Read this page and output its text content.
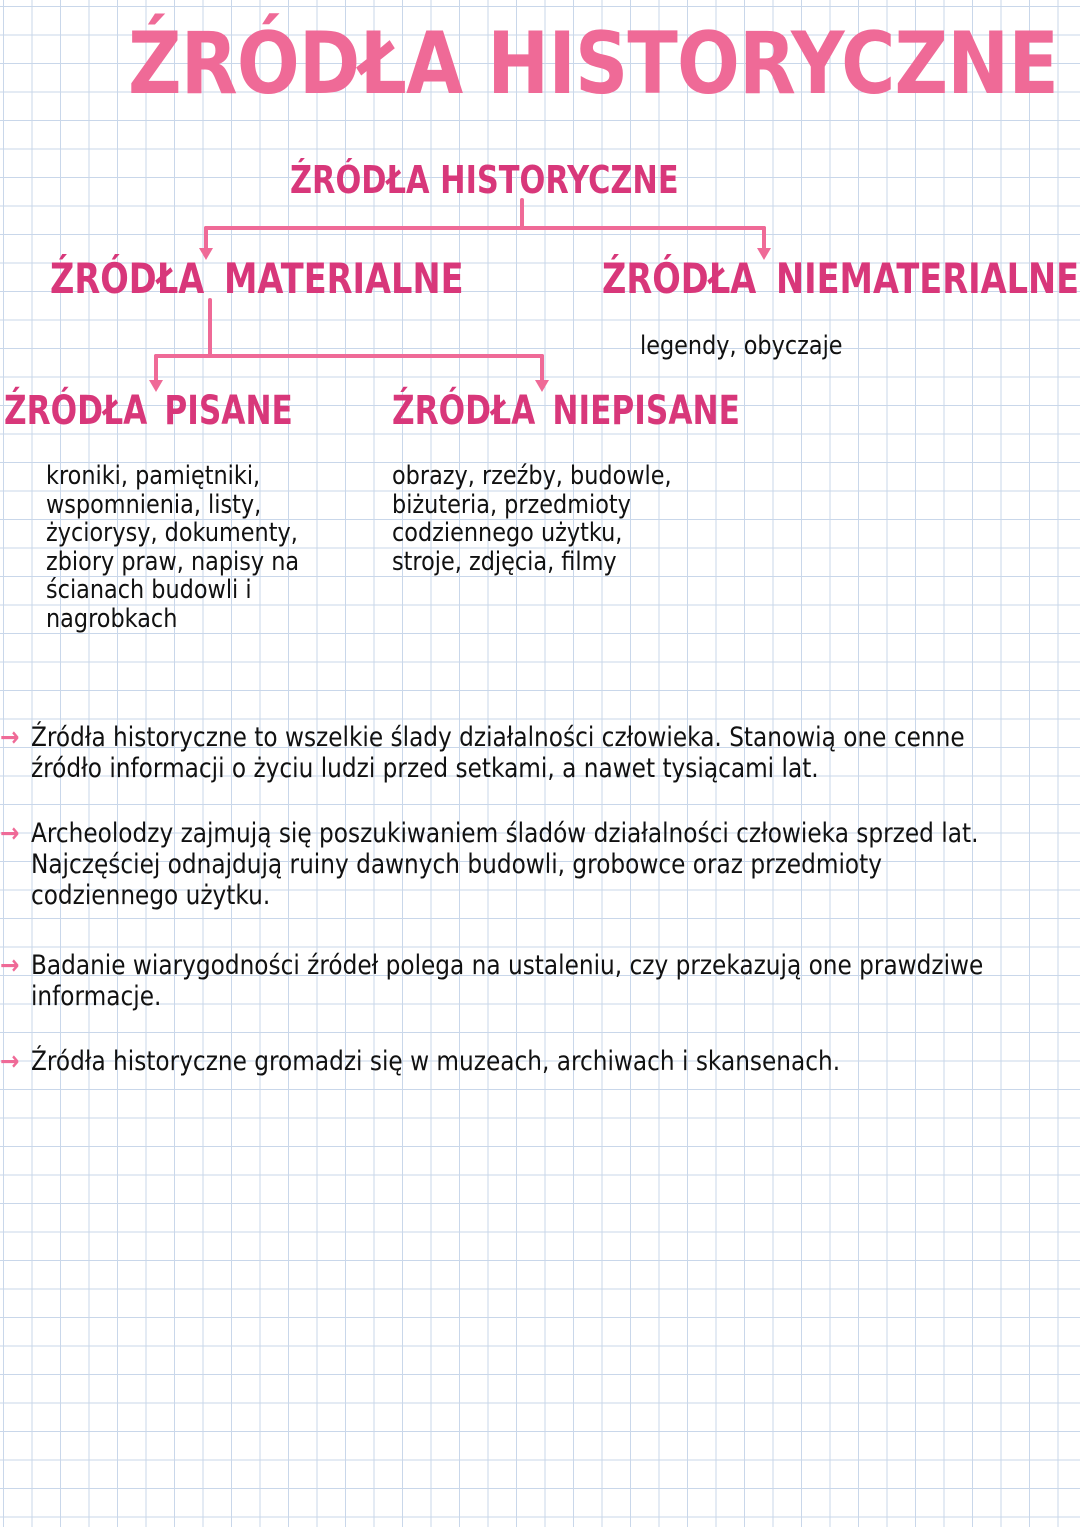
ŹRÓDŁA HISTORYCZNE
ŹRÓDŁA HISTORYCZNE
ŹRÓDŁA MATERIALNE	ŹRÓDŁA NIEMATERIALNE
legendy, obyczaje
ŹRÓDŁA PISANE ŹRÓDŁA NIEPISANE
kroniki, pamiętniki,
wspomnienia, listy,
życiorysy, dokumenty,
zbiory praw, napisy na
ścianach budowli i
nagrobkach
obrazy, rzeźby, budowle,
biżuteria, przedmioty
codziennego użytku,
stroje, zdjęcia, filmy
→ Źródła historyczne to wszelkie ślady działalności człowieka. Stanowią one cenne
źródło informacji o życiu ludzi przed setkami, a nawet tysiącami lat.
→ Archeolodzy zajmują się poszukiwaniem śladów działalności człowieka sprzed lat.
Najczęściej odnajdują ruiny dawnych budowli, grobowce oraz przedmioty
codziennego użytku.
→ Badanie wiarygodności źródeł polega na ustaleniu, czy przekazują one prawdziwe
informacje.
→ Źródła historyczne gromadzi się w muzeach, archiwach i skansenach.
